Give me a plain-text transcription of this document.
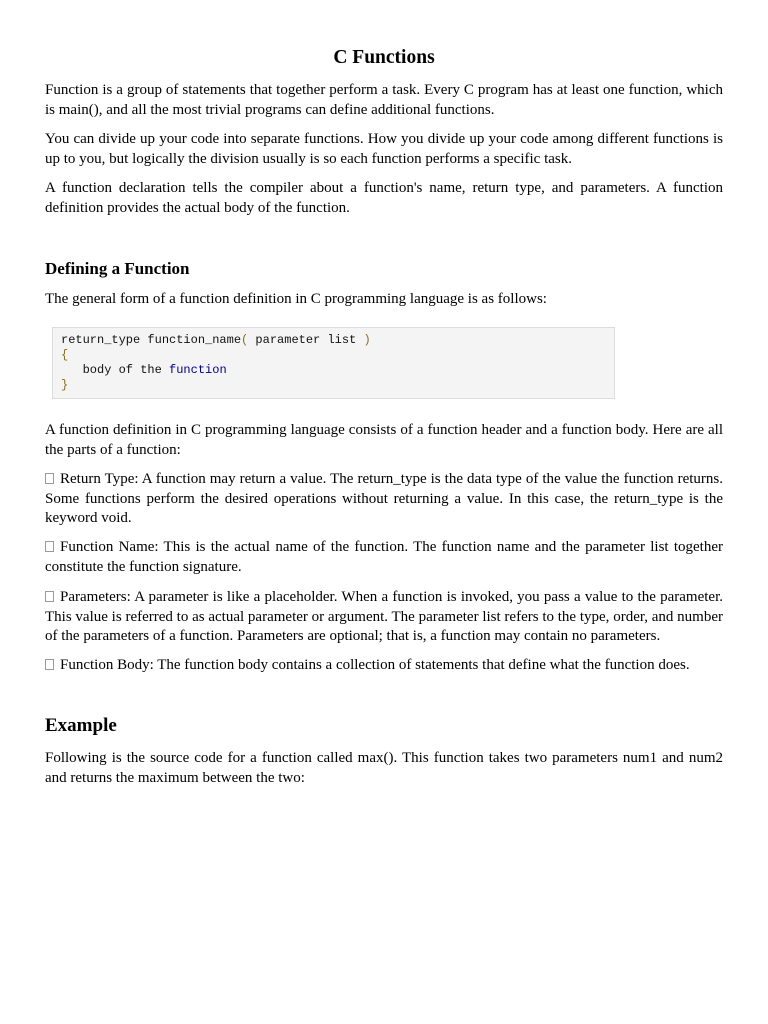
C Functions

Function is a group of statements that together perform a task. Every C program has at least one function, which is main(), and all the most trivial programs can define additional functions.

You can divide up your code into separate functions. How you divide up your code among different functions is up to you, but logically the division usually is so each function performs a specific task.

A function declaration tells the compiler about a function's name, return type, and parameters. A function definition provides the actual body of the function.

Defining a Function

The general form of a function definition in C programming language is as follows:

return_type function_name( parameter list )
{
body of the function
}

A function definition in C programming language consists of a function header and a function body. Here are all the parts of a function:

Return Type: A function may return a value. The return_type is the data type of the value the function returns. Some functions perform the desired operations without returning a value. In this case, the return_type is the keyword void.

Function Name: This is the actual name of the function. The function name and the parameter list together constitute the function signature.

Parameters: A parameter is like a placeholder. When a function is invoked, you pass a value to the parameter. This value is referred to as actual parameter or argument. The parameter list refers to the type, order, and number of the parameters of a function. Parameters are optional; that is, a function may contain no parameters.

Function Body: The function body contains a collection of statements that define what the function does.

Example

Following is the source code for a function called max(). This function takes two parameters num1 and num2 and returns the maximum between the two:
